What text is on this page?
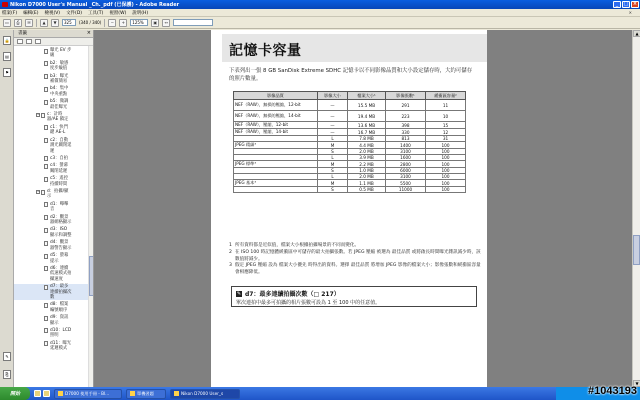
Nikon D7000 User's Manual _Ch._pdf (已保護) - Adobe Reader	_	□ ×
檔案(F) 編輯(E) 檢視(V) 文件(D) 工具(T) 視窗(W) 說明(H)	✕
▭	⎙	✉	▲	▼	325	(340 / 340)	−	+	125%	▣	↔
🔒
▤
⚑
✎
⎘
書籤	×
曝光 EV 步級
b2：敏感度步級值
b3：曝光補償簡易
b4：集中中央重點
b5：微調最佳曝光
− c：計時器/AE 鎖定
c1：快門鍵 AE-L
c2：自動測光關閉延遲
c3：自拍
c4：螢幕關閉延遲
c5：遙控持續時間
− d：拍攝/顯示
d1：嗶嗶音
d2：觀景器網格顯示
d3：ISO 顯示和調整
d4：觀景器警告顯示
d5：螢幕提示
d6：連續低速模式拍攝速度
d7：最多連續拍攝次數
d8：檔案編號順序
d9：資訊顯示
d10：LCD 照明
d11：曝光延遲模式
記憶卡容量
下表列出一張 8 GB SanDisk Extreme SDHC 記憶卡以不同影像品質和大小設定儲存時，大約可儲存的照片數量。
影像品質	影像大小	檔案大小¹	影像張數¹	緩衝區容量²
NEF（RAW），無損的壓縮，12-bit	—	15.5 MB	291	11
NEF（RAW），無損的壓縮，14-bit	—	19.4 MB	223	10
NEF（RAW），壓縮，12-bit	—	13.6 MB	398	15
NEF（RAW），壓縮，14-bit	—	16.7 MB	330	12
	L	7.8 MB	813	31
JPEG 精細³	M	4.4 MB	1400	100
	S	2.0 MB	3100	100
	L	3.9 MB	1600	100
JPEG 標準³	M	2.2 MB	2800	100
	S	1.0 MB	6000	100
	L	2.0 MB	3100	100
JPEG 基本³	M	1.1 MB	5500	100
	S	0.5 MB	11000	100
1 所有資料都是近似值，檔案大小根據拍攝場景的不同而變化。
2 在 ISO 100 時記憶體緩衝區中可儲存的最大拍攝張數。若 JPEG 壓縮 被選為 最佳品質 或將啟長時間曝光雜訊減少時，該數值將減少。
3 假定 JPEG 壓縮 設為 檔案大小優先 時得出的資料。選擇 最佳品質 將增加 JPEG 影像的檔案大小；影像張數和緩衝區容量會相應降低。
✎ d7：最多連續拍攝次數（□ 217）
單次連拍中最多可拍攝的相片張數可設為 1 至 100 中的任意值。
▲
▼
開始	D7000 使用手冊 - Bl...	單機習題	Nikon D7000 User_s	#1043193
